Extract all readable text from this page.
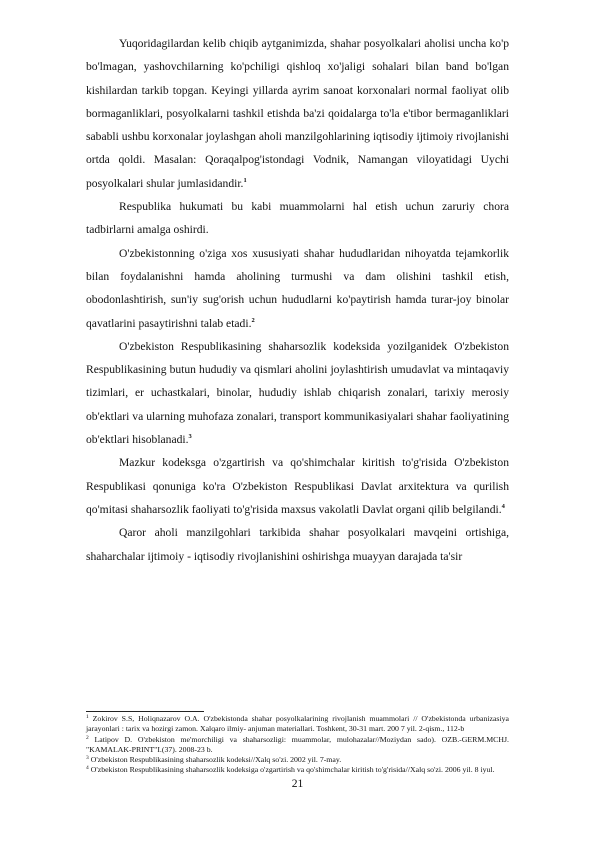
Yuqoridagilardan kelib chiqib aytganimizda, shahar posyolkalari aholisi uncha ko'p bo'lmagan, yashovchilarning ko'pchiligi qishloq xo'jaligi sohalari bilan band bo'lgan kishilardan tarkib topgan. Keyingi yillarda ayrim sanoat korxonalari normal faoliyat olib bormaganliklari, posyolkalarni tashkil etishda ba'zi qoidalarga to'la e'tibor bermaganliklari sababli ushbu korxonalar joylashgan aholi manzilgohlarining iqtisodiy ijtimoiy rivojlanishi ortda qoldi. Masalan: Qoraqalpog'istondagi Vodnik, Namangan viloyatidagi Uychi posyolkalari shular jumlasidandir.$^1$

Respublika hukumati bu kabi muammolarni hal etish uchun zaruriy chora tadbirlarni amalga oshirdi.

O'zbekistonning o'ziga xos xususiyati shahar hududlaridan nihoyatda tejamkorlik bilan foydalanishni hamda aholining turmushi va dam olishini tashkil etish, obodonlashtirish, sun'iy sug'orish uchun hududlarni ko'paytirish hamda turar-joy binolar qavatlarini pasaytirishni talab etadi.$^2$

O'zbekiston Respublikasining shaharsozlik kodeksida yozilganidek O'zbekiston Respublikasining butun hududiy va qismlari aholini joylashtirish umudavlat va mintaqaviy tizimlari, er uchastkalari, binolar, hududiy ishlab chiqarish zonalari, tarixiy merosiy ob'ektlari va ularning muhofaza zonalari, transport kommunikasiyalari shahar faoliyatining ob'ektlari hisoblanadi.$^3$

Mazkur kodeksga o'zgartirish va qo'shimchalar kiritish to'g'risida O'zbekiston Respublikasi qonuniga ko'ra O'zbekiston Respublikasi Davlat arxitektura va qurilish qo'mitasi shaharsozlik faoliyati to'g'risida maxsus vakolatli Davlat organi qilib belgilandi.$^4$

Qaror aholi manzilgohlari tarkibida shahar posyolkalari mavqeini ortishiga, shaharchalar ijtimoiy - iqtisodiy rivojlanishini oshirishga muayyan darajada ta'sir

$^1$ Zokirov S.S, Holiqnazarov O.A. O'zbekistonda shahar posyolkalarining rivojlanish muammolari // O'zbekistonda urbanizasiya jarayonlari : tarix va hozirgi zamon. Xalqaro ilmiy- anjuman materiallari. Toshkent, 30-31 mart. 200 7 yil. 2-qism., 112-b

$^2$ Latipov D. O'zbekiston me'morchiligi va shaharsozligi: muammolar, mulohazalar//Moziydan sado). OZB.-GERM.MCHJ. "KAMALAK-PRINT"I.(37). 2008-23 b.

$^3$ O'zbekiston Respublikasining shaharsozlik kodeksi//Xalq so'zi. 2002 yil. 7-may.

$^4$ O'zbekiston Respublikasining shaharsozlik kodeksiga o'zgartirish va qo'shimchalar kiritish to'g'risida//Xalq so'zi. 2006 yil. 8 iyul.

21
